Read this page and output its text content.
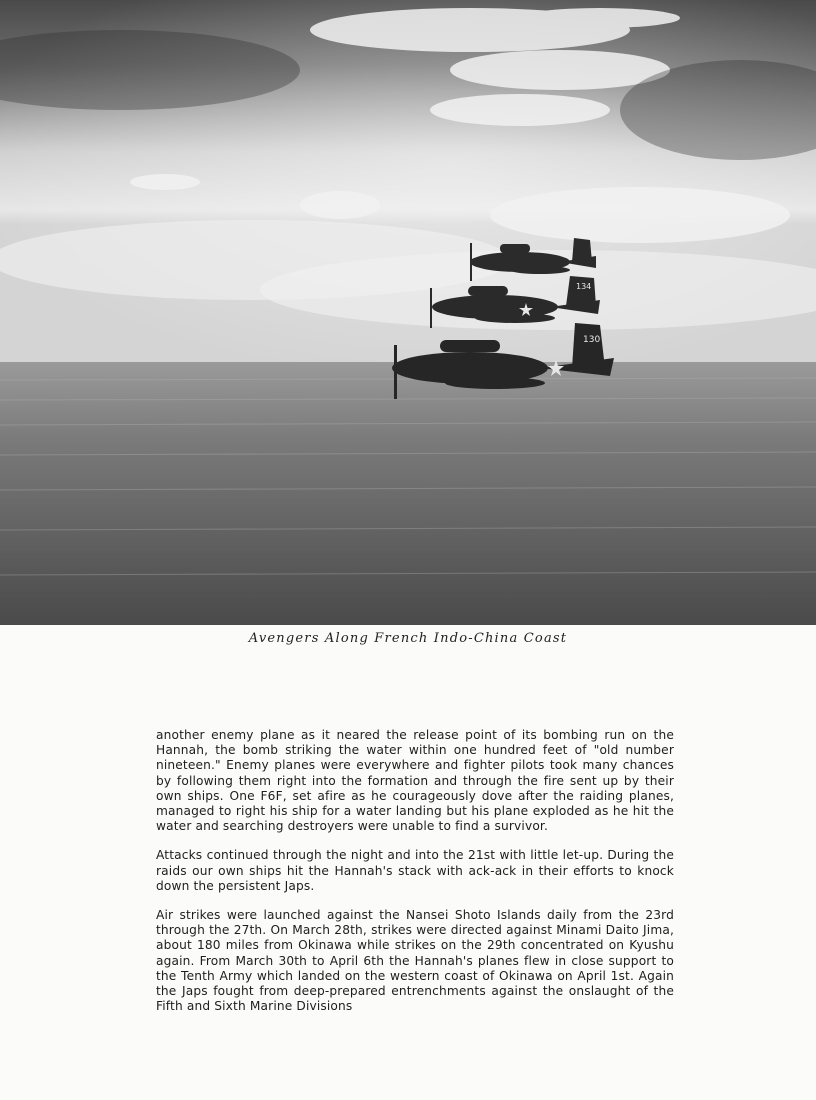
134
130
Avengers Along French Indo-China Coast

another enemy plane as it neared the release point of its bombing run on the Hannah, the bomb striking the water within one hundred feet of "old number nineteen." Enemy planes were everywhere and fighter pilots took many chances by following them right into the formation and through the fire sent up by their own ships. One F6F, set afire as he courageously dove after the raiding planes, managed to right his ship for a water landing but his plane exploded as he hit the water and searching destroyers were unable to find a survivor.

Attacks continued through the night and into the 21st with little let-up. During the raids our own ships hit the Hannah's stack with ack-ack in their efforts to knock down the persistent Japs.

Air strikes were launched against the Nansei Shoto Islands daily from the 23rd through the 27th. On March 28th, strikes were directed against Minami Daito Jima, about 180 miles from Okinawa while strikes on the 29th concentrated on Kyushu again. From March 30th to April 6th the Hannah's planes flew in close support to the Tenth Army which landed on the western coast of Okinawa on April 1st. Again the Japs fought from deep-prepared entrenchments against the onslaught of the Fifth and Sixth Marine Divisions
